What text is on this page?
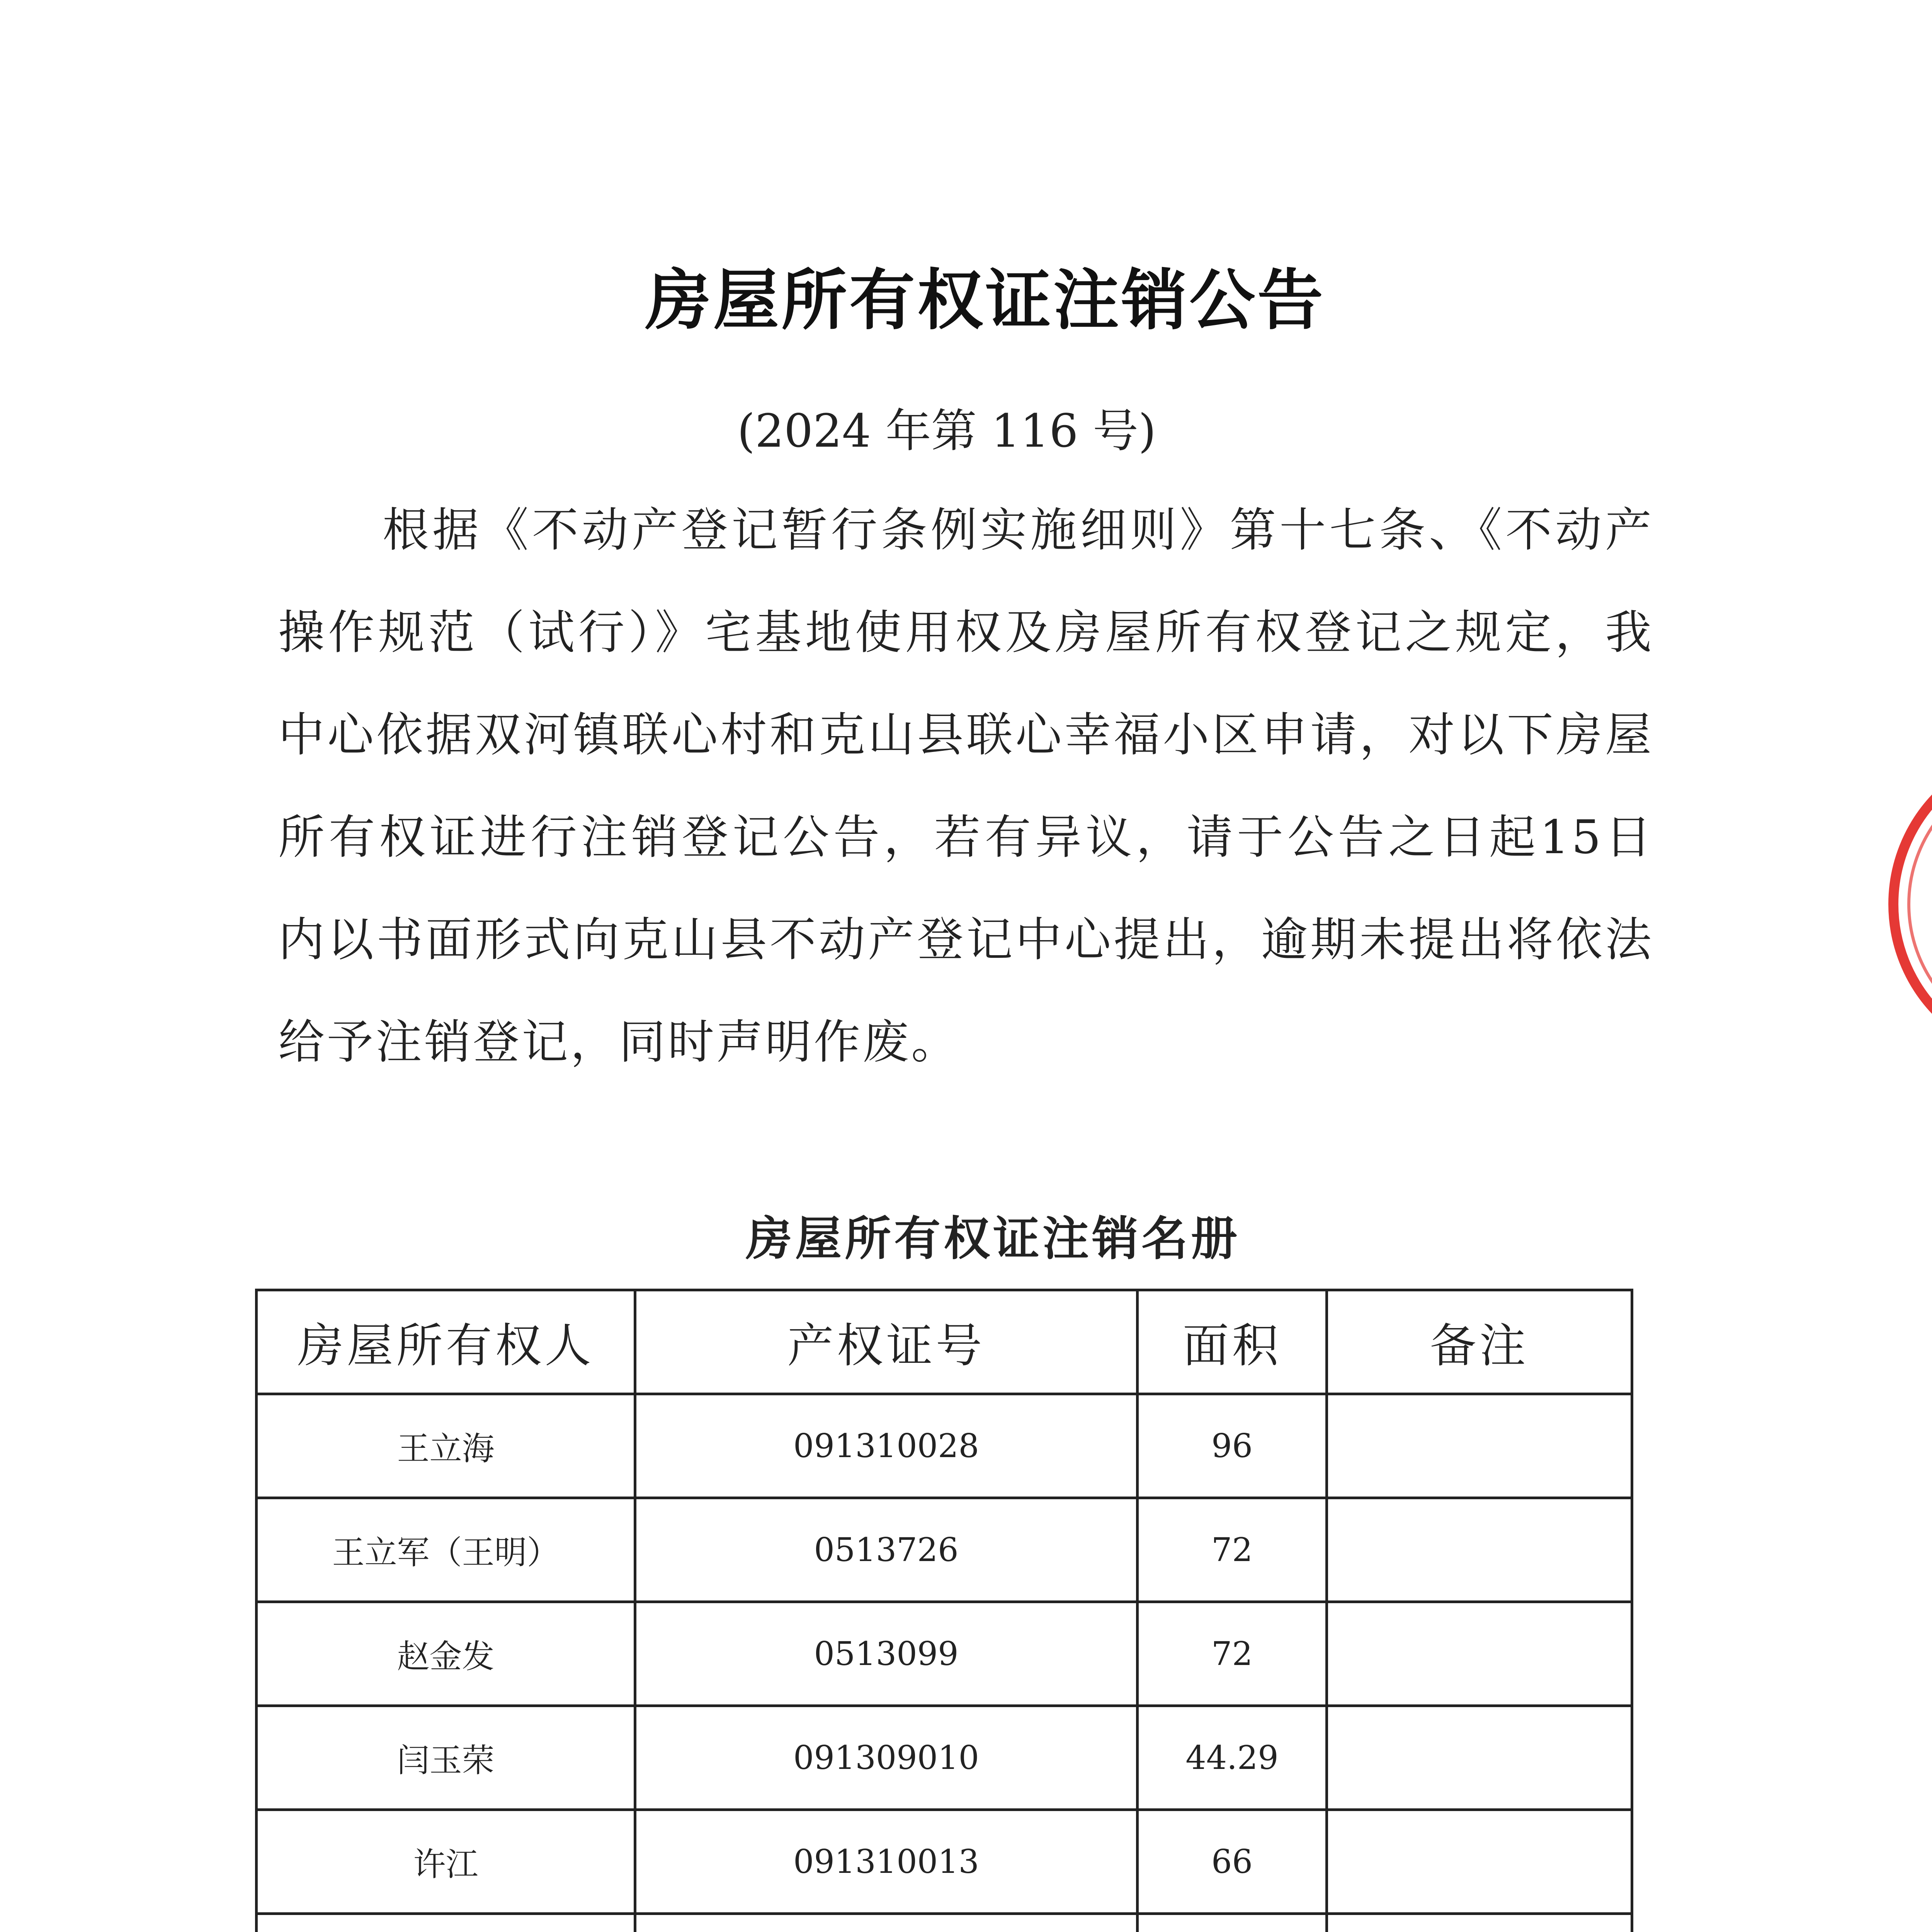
房屋所有权证注销公告
(2024 年第 116 号)
根据《不动产登记暂行条例实施细则》第十七条、《不动产操作规范（试行）》宅基地使用权及房屋所有权登记之规定，我中心依据双河镇联心村和克山县联心幸福小区申请，对以下房屋所有权证进行注销登记公告，若有异议，请于公告之日起15日内以书面形式向克山县不动产登记中心提出，逾期未提出将依法给予注销登记，同时声明作废。
房屋所有权证注销名册
房屋所有权人	产权证号	面积	备注
王立海	091310028	96	
王立军（王明）	0513726	72	
赵金发	0513099	72	
闫玉荣	091309010	44.29	
许江	091310013	66	
